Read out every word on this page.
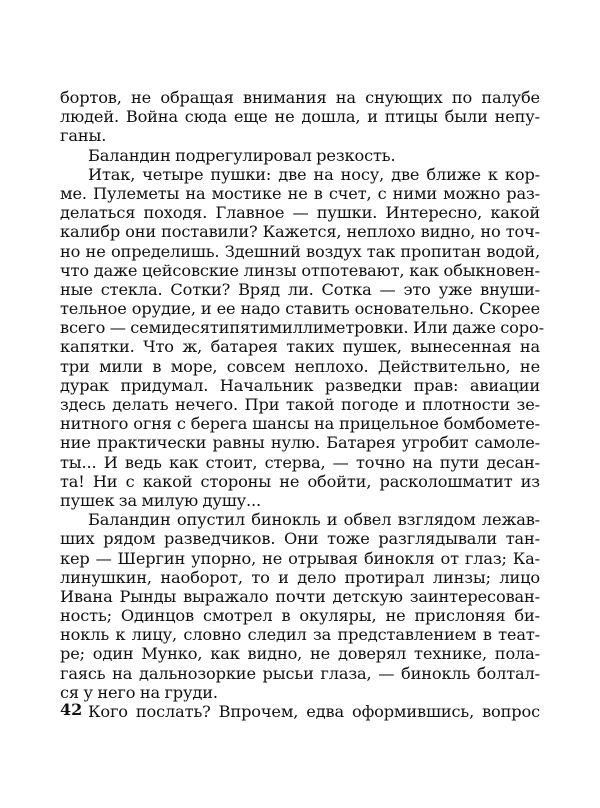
бортов, не обращая внимания на снующих по палубе
людей. Война сюда еще не дошла, и птицы были непу-
ганы.
Баландин подрегулировал резкость.
Итак, четыре пушки: две на носу, две ближе к кор-
ме. Пулеметы на мостике не в счет, с ними можно раз-
делаться походя. Главное — пушки. Интересно, какой
калибр они поставили? Кажется, неплохо видно, но точ-
но не определишь. Здешний воздух так пропитан водой,
что даже цейсовские линзы отпотевают, как обыкновен-
ные стекла. Сотки? Вряд ли. Сотка — это уже внуши-
тельное орудие, и ее надо ставить основательно. Скорее
всего — семидесятипятимиллиметровки. Или даже соро-
капятки. Что ж, батарея таких пушек, вынесенная на
три мили в море, совсем неплохо. Действительно, не
дурак придумал. Начальник разведки прав: авиации
здесь делать нечего. При такой погоде и плотности зе-
нитного огня с берега шансы на прицельное бомбомете-
ние практически равны нулю. Батарея угробит самолe-
ты... И ведь как стоит, стерва, — точно на пути десан-
та! Ни с какой стороны не обойти, расколошматит из
пушек за милую душу...
Баландин опустил бинокль и обвел взглядом лежав-
ших рядом разведчиков. Они тоже разглядывали тан-
кер — Шергин упорно, не отрывая бинокля от глаз; Ка-
линушкин, наоборот, то и дело протирал линзы; лицо
Ивана Рынды выражало почти детскую заинтересован-
ность; Одинцов смотрел в окуляры, не прислоняя би-
нокль к лицу, словно следил за представлением в теат-
ре; один Мунко, как видно, не доверял технике, пола-
гаясь на дальнозоркие рысьи глаза, — бинокль болтал-
ся у него на груди.
Кого послать? Впрочем, едва оформившись, вопрос
42
